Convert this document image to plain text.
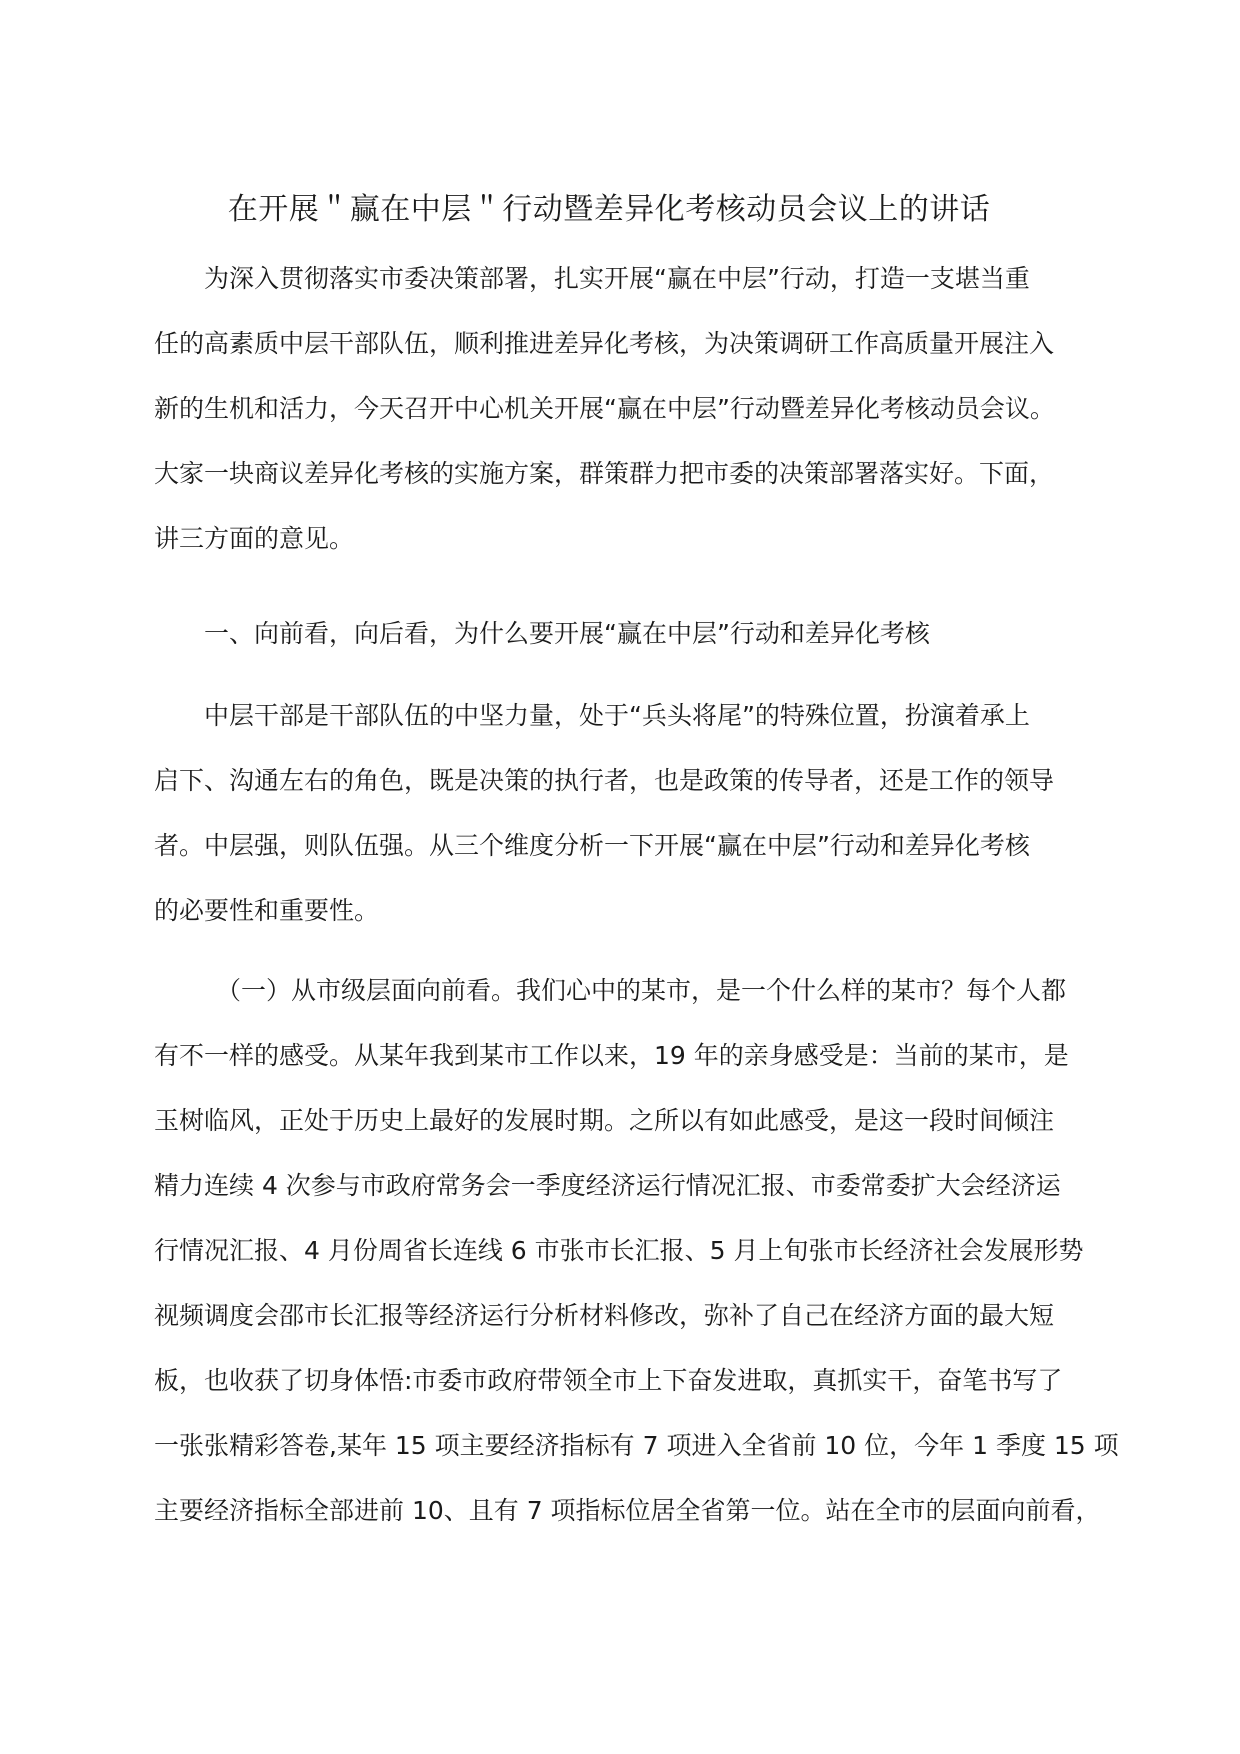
在开展＂赢在中层＂行动暨差异化考核动员会议上的讲话

为深入贯彻落实市委决策部署，扎实开展“赢在中层”行动，打造一支堪当重
任的高素质中层干部队伍，顺利推进差异化考核，为决策调研工作高质量开展注入
新的生机和活力，今天召开中心机关开展“赢在中层”行动暨差异化考核动员会议。
大家一块商议差异化考核的实施方案，群策群力把市委的决策部署落实好。下面，
讲三方面的意见。

一、向前看，向后看，为什么要开展“赢在中层”行动和差异化考核

中层干部是干部队伍的中坚力量，处于“兵头将尾”的特殊位置，扮演着承上
启下、沟通左右的角色，既是决策的执行者，也是政策的传导者，还是工作的领导
者。中层强，则队伍强。从三个维度分析一下开展“赢在中层”行动和差异化考核
的必要性和重要性。

（一）从市级层面向前看。我们心中的某市，是一个什么样的某市？每个人都
有不一样的感受。从某年我到某市工作以来，19 年的亲身感受是：当前的某市，是
玉树临风，正处于历史上最好的发展时期。之所以有如此感受，是这一段时间倾注
精力连续 4 次参与市政府常务会一季度经济运行情况汇报、市委常委扩大会经济运
行情况汇报、4 月份周省长连线 6 市张市长汇报、5 月上旬张市长经济社会发展形势
视频调度会邵市长汇报等经济运行分析材料修改，弥补了自己在经济方面的最大短
板，也收获了切身体悟:市委市政府带领全市上下奋发进取，真抓实干，奋笔书写了
一张张精彩答卷,某年 15 项主要经济指标有 7 项进入全省前 10 位，今年 1 季度 15 项
主要经济指标全部进前 10、且有 7 项指标位居全省第一位。站在全市的层面向前看，
